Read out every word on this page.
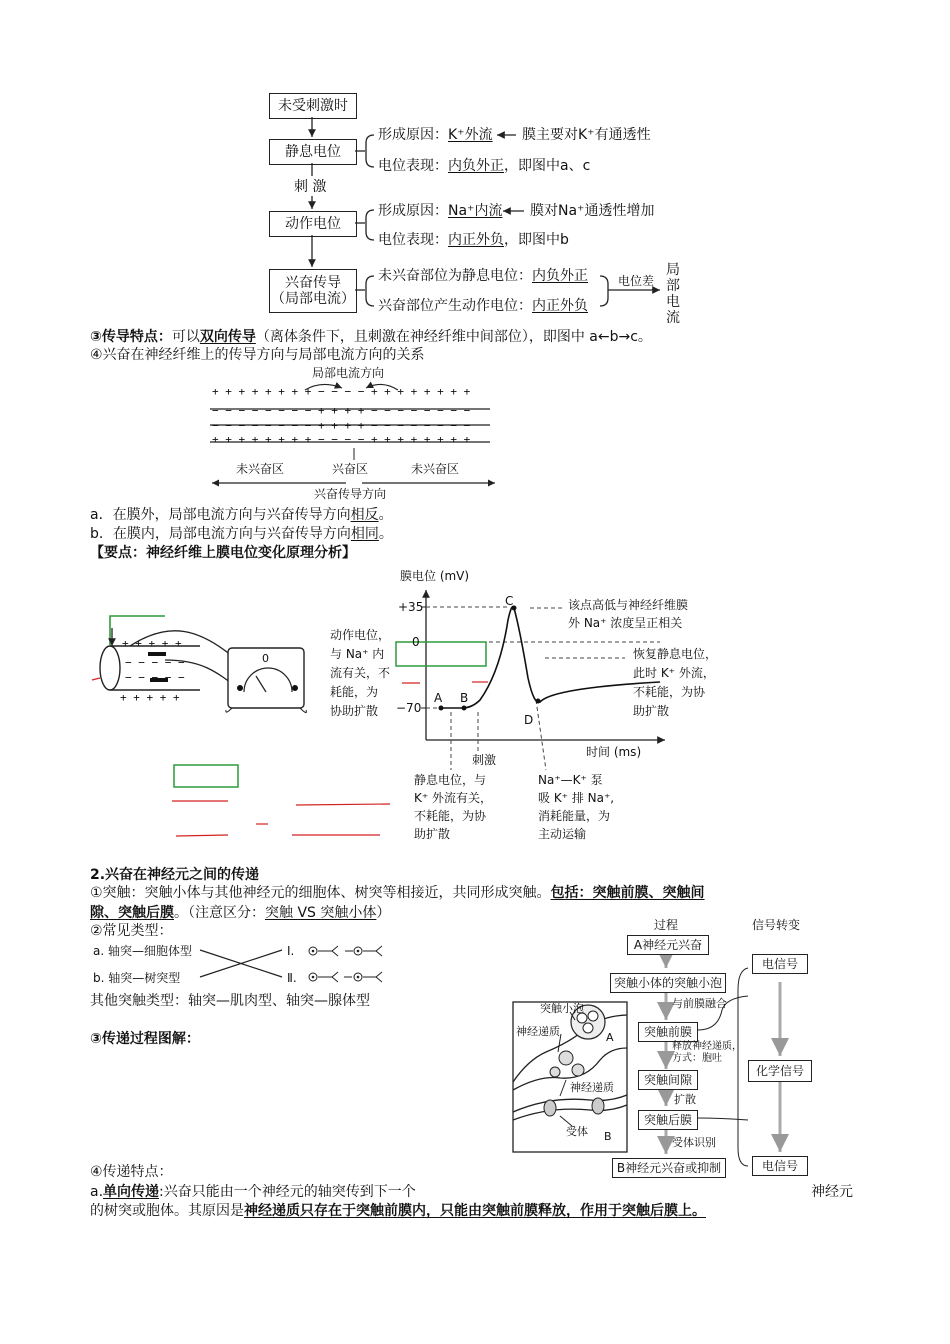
未受刺激时
静息电位
动作电位
兴奋传导
（局部电流）
刺 激
形成原因：K⁺外流 膜主要对K⁺有通透性
电位表现：内负外正，即图中a、c
形成原因：Na⁺内流 膜对Na⁺通透性增加
电位表现：内正外负，即图中b
未兴奋部位为静息电位：内负外正
兴奋部位产生动作电位：内正外负
电位差
局
部
电
流
③传导特点：可以双向传导（离体条件下，且刺激在神经纤维中间部位），即图中 a←b→c。
④兴奋在神经纤维上的传导方向与局部电流方向的关系
局部电流方向
+ + + + + + + + − − − − + + + + + + + +
− − − − − − − − + + + + − − − − − − − −
− − − − − − − − + + + + − − − − − − − −
+ + + + + + + + − − − − + + + + + + + +
未兴奋区	兴奋区	未兴奋区
兴奋传导方向
a．在膜外，局部电流方向与兴奋传导方向相反。
b．在膜内，局部电流方向与兴奋传导方向相同。
【要点：神经纤维上膜电位变化原理分析】
+ + + + +
− − − − −
− − − − −
+ + + + +
0
膜电位 (mV)
+35
0
−70
时间 (ms)
A B
C
D
该点高低与神经纤维膜
外 Na⁺ 浓度呈正相关
动作电位，
与 Na⁺ 内
流有关，不
耗能，为
协助扩散
恢复静息电位，
此时 K⁺ 外流，
不耗能，为协
助扩散
刺激
静息电位，与
K⁺ 外流有关，
不耗能，为协
助扩散
Na⁺—K⁺ 泵
吸 K⁺ 排 Na⁺,
消耗能量，为
主动运输
2.兴奋在神经元之间的传递
①突触：突触小体与其他神经元的细胞体、树突等相接近，共同形成突触。包括：突触前膜、突触间
隙、突触后膜。（注意区分：突触 VS 突触小体）
②常见类型：
a. 轴突—细胞体型
b. 轴突—树突型
Ⅰ.
Ⅱ.
其他突触类型：轴突—肌肉型、轴突—腺体型
③传递过程图解：
过程	信号转变
A神经元兴奋
突触小体的突触小泡
与前膜融合
突触前膜
释放神经递质，
方式：胞吐
突触间隙
扩散
突触后膜
受体识别
B神经元兴奋或抑制
电信号
化学信号
电信号
突触小泡
神经递质
神经递质
受体
A
B
④传递特点：
a.单向传递:兴奋只能由一个神经元的轴突传到下一个	神经元
的树突或胞体。其原因是神经递质只存在于突触前膜内，只能由突触前膜释放，作用于突触后膜上。
